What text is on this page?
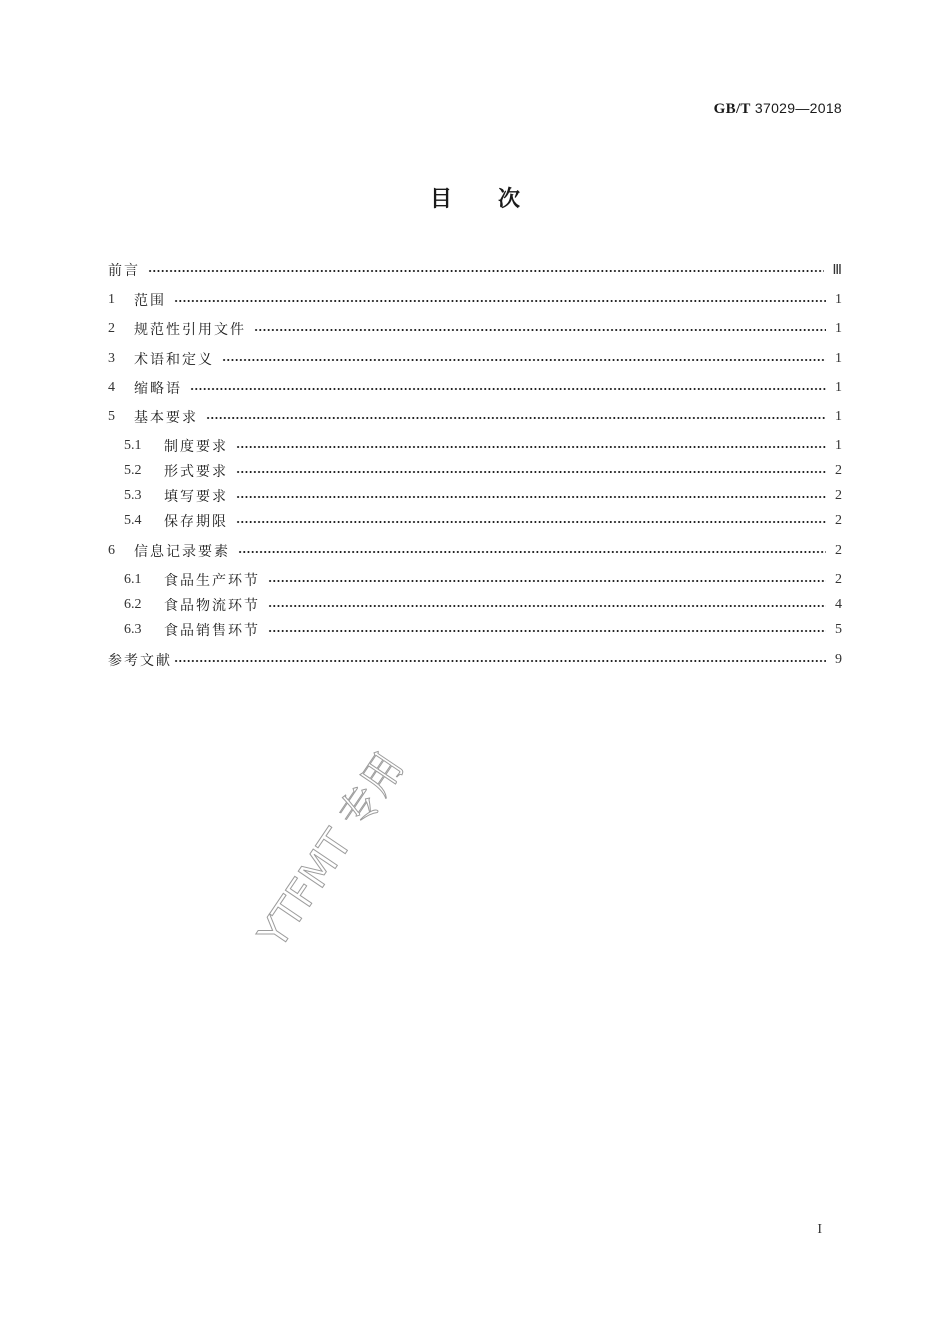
GB/T 37029—2018
目次
前言	Ⅲ
1	范围	1
2	规范性引用文件	1
3	术语和定义	1
4	缩略语	1
5	基本要求	1
5.1	制度要求	1
5.2	形式要求	2
5.3	填写要求	2
5.4	保存期限	2
6	信息记录要素	2
6.1	食品生产环节	2
6.2	食品物流环节	4
6.3	食品销售环节	5
参考文献	9
YTFMT 专用
I
